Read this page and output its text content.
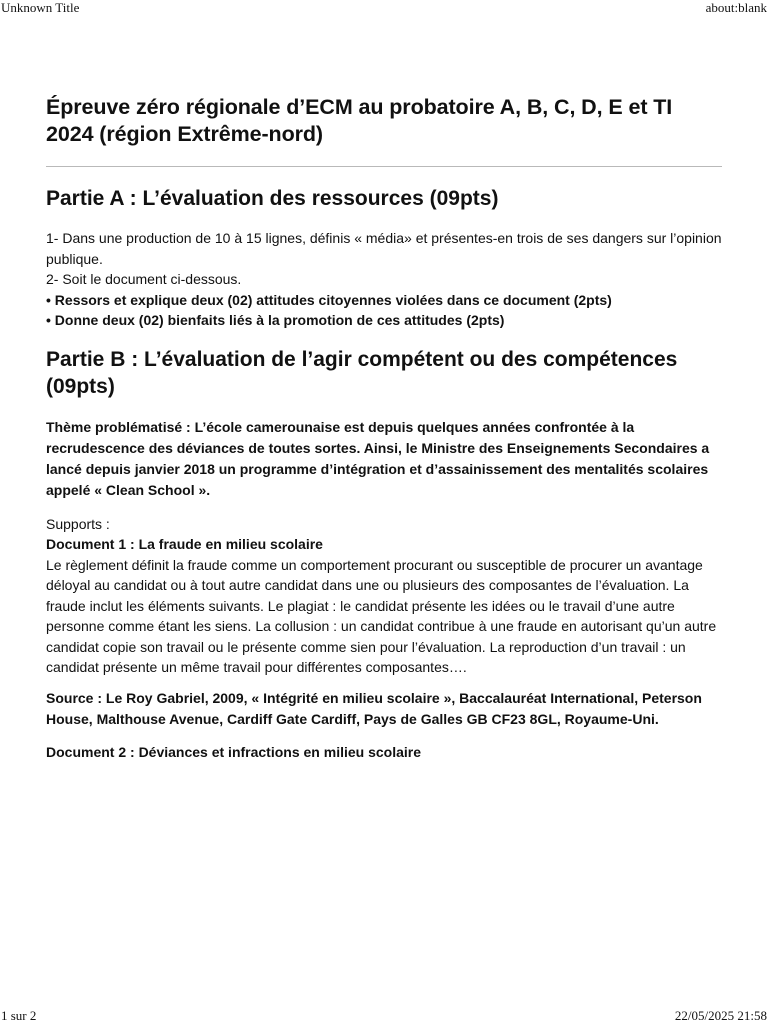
Unknown Title	about:blank
Épreuve zéro régionale d’ECM au probatoire A, B, C, D, E et TI 2024 (région Extrême-nord)
Partie A : L’évaluation des ressources (09pts)

1- Dans une production de 10 à 15 lignes, définis « média» et présentes-en trois de ses dangers sur l’opinion publique.

2- Soit le document ci-dessous.

• Ressors et explique deux (02) attitudes citoyennes violées dans ce document (2pts)

• Donne deux (02) bienfaits liés à la promotion de ces attitudes (2pts)

Partie B : L’évaluation de l’agir compétent ou des compétences (09pts)

Thème problématisé : L’école camerounaise est depuis quelques années confrontée à la recrudescence des déviances de toutes sortes. Ainsi, le Ministre des Enseignements Secondaires a lancé depuis janvier 2018 un programme d’intégration et d’assainissement des mentalités scolaires appelé « Clean School ».

Supports :

Document 1 : La fraude en milieu scolaire

Le règlement définit la fraude comme un comportement procurant ou susceptible de procurer un avantage déloyal au candidat ou à tout autre candidat dans une ou plusieurs des composantes de l’évaluation. La fraude inclut les éléments suivants. Le plagiat : le candidat présente les idées ou le travail d’une autre personne comme étant les siens. La collusion : un candidat contribue à une fraude en autorisant qu’un autre candidat copie son travail ou le présente comme sien pour l’évaluation. La reproduction d’un travail : un candidat présente un même travail pour différentes composantes….

Source : Le Roy Gabriel, 2009, « Intégrité en milieu scolaire », Baccalauréat International, Peterson House, Malthouse Avenue, Cardiff Gate Cardiff, Pays de Galles GB CF23 8GL, Royaume-Uni.

Document 2 : Déviances et infractions en milieu scolaire

1 sur 2	22/05/2025 21:58
